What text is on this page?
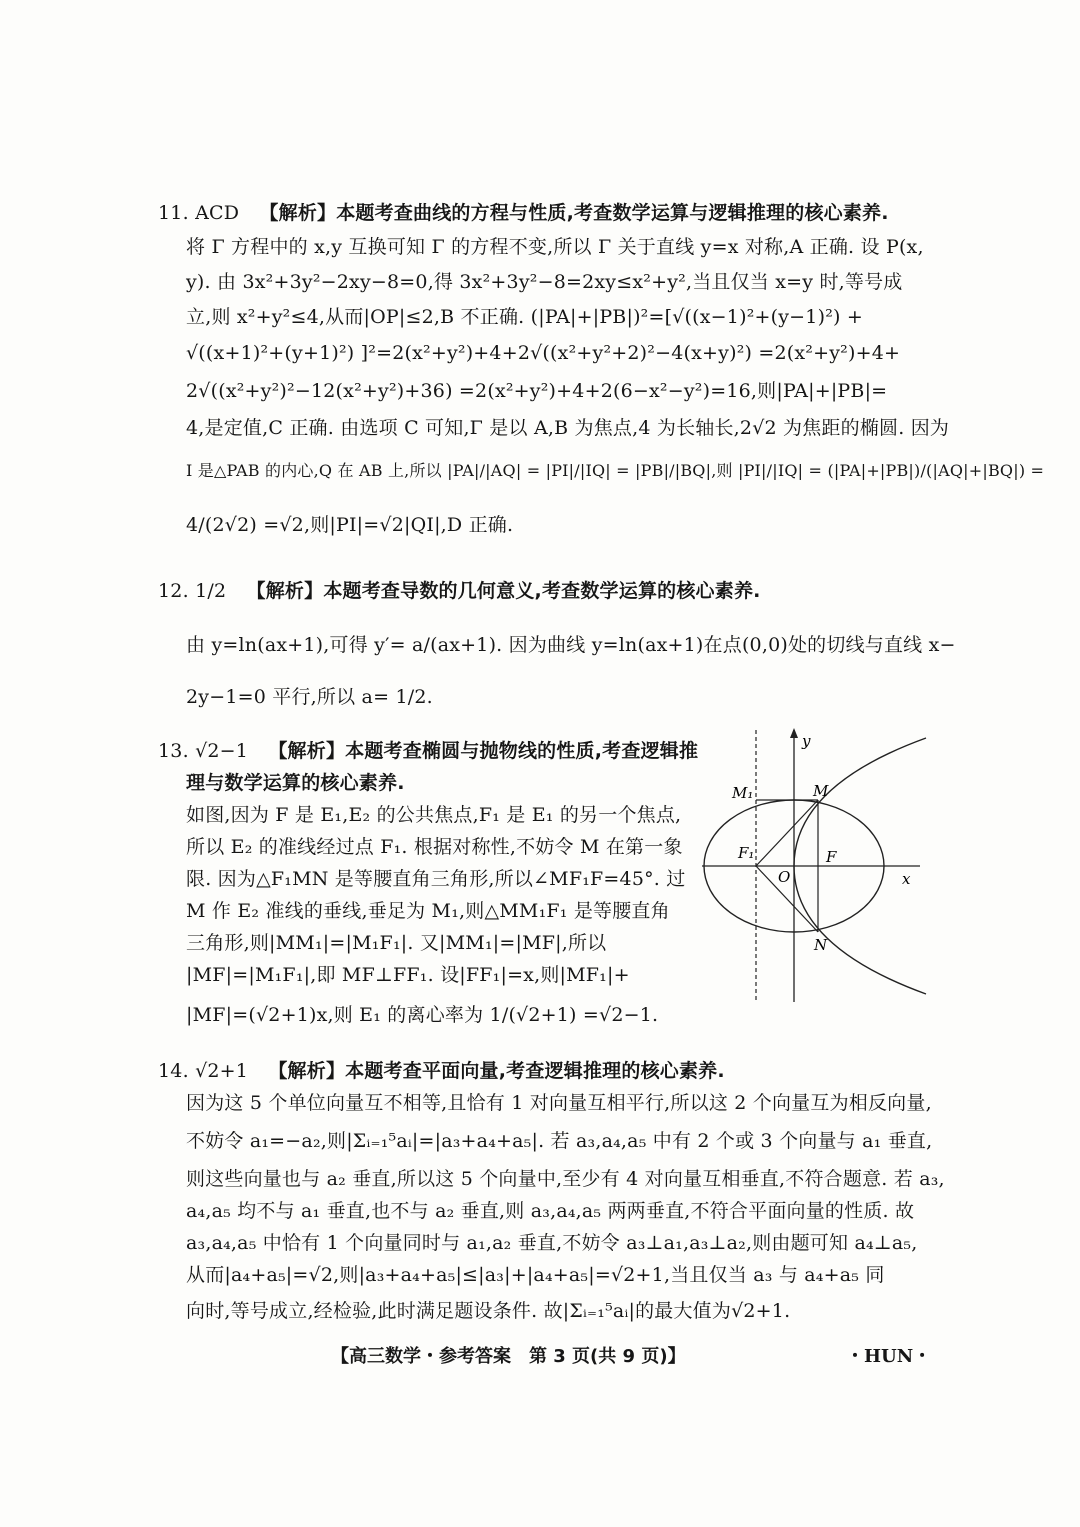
11. ACD 【解析】本题考查曲线的方程与性质,考查数学运算与逻辑推理的核心素养.
将 Γ 方程中的 x,y 互换可知 Γ 的方程不变,所以 Γ 关于直线 y=x 对称,A 正确. 设 P(x,
y). 由 3x²+3y²−2xy−8=0,得 3x²+3y²−8=2xy≤x²+y²,当且仅当 x=y 时,等号成
立,则 x²+y²≤4,从而|OP|≤2,B 不正确. (|PA|+|PB|)²=[√((x−1)²+(y−1)²) +
√((x+1)²+(y+1)²) ]²=2(x²+y²)+4+2√((x²+y²+2)²−4(x+y)²) =2(x²+y²)+4+
2√((x²+y²)²−12(x²+y²)+36) =2(x²+y²)+4+2(6−x²−y²)=16,则|PA|+|PB|=
4,是定值,C 正确. 由选项 C 可知,Γ 是以 A,B 为焦点,4 为长轴长,2√2 为焦距的椭圆. 因为
I 是△PAB 的内心,Q 在 AB 上,所以 |PA|/|AQ| = |PI|/|IQ| = |PB|/|BQ|,则 |PI|/|IQ| = (|PA|+|PB|)/(|AQ|+|BQ|) =
4/(2√2) =√2,则|PI|=√2|QI|,D 正确.
12. 1/2 【解析】本题考查导数的几何意义,考查数学运算的核心素养.
由 y=ln(ax+1),可得 y′= a/(ax+1). 因为曲线 y=ln(ax+1)在点(0,0)处的切线与直线 x−
2y−1=0 平行,所以 a= 1/2.
13. √2−1 【解析】本题考查椭圆与抛物线的性质,考查逻辑推
理与数学运算的核心素养.
如图,因为 F 是 E₁,E₂ 的公共焦点,F₁ 是 E₁ 的另一个焦点,
所以 E₂ 的准线经过点 F₁. 根据对称性,不妨令 M 在第一象
限. 因为△F₁MN 是等腰直角三角形,所以∠MF₁F=45°. 过
M 作 E₂ 准线的垂线,垂足为 M₁,则△MM₁F₁ 是等腰直角
三角形,则|MM₁|=|M₁F₁|. 又|MM₁|=|MF|,所以
|MF|=|M₁F₁|,即 MF⊥FF₁. 设|FF₁|=x,则|MF₁|+
|MF|=(√2+1)x,则 E₁ 的离心率为 1/(√2+1) =√2−1.
y
x
M₁	M
F₁	F
O
N
14. √2+1 【解析】本题考查平面向量,考查逻辑推理的核心素养.
因为这 5 个单位向量互不相等,且恰有 1 对向量互相平行,所以这 2 个向量互为相反向量,
不妨令 a₁=−a₂,则|Σᵢ₌₁⁵aᵢ|=|a₃+a₄+a₅|. 若 a₃,a₄,a₅ 中有 2 个或 3 个向量与 a₁ 垂直,
则这些向量也与 a₂ 垂直,所以这 5 个向量中,至少有 4 对向量互相垂直,不符合题意. 若 a₃,
a₄,a₅ 均不与 a₁ 垂直,也不与 a₂ 垂直,则 a₃,a₄,a₅ 两两垂直,不符合平面向量的性质. 故
a₃,a₄,a₅ 中恰有 1 个向量同时与 a₁,a₂ 垂直,不妨令 a₃⊥a₁,a₃⊥a₂,则由题可知 a₄⊥a₅,
从而|a₄+a₅|=√2,则|a₃+a₄+a₅|≤|a₃|+|a₄+a₅|=√2+1,当且仅当 a₃ 与 a₄+a₅ 同
向时,等号成立,经检验,此时满足题设条件. 故|Σᵢ₌₁⁵aᵢ|的最大值为√2+1.
【高三数学・参考答案　第 3 页(共 9 页)】	・HUN・
